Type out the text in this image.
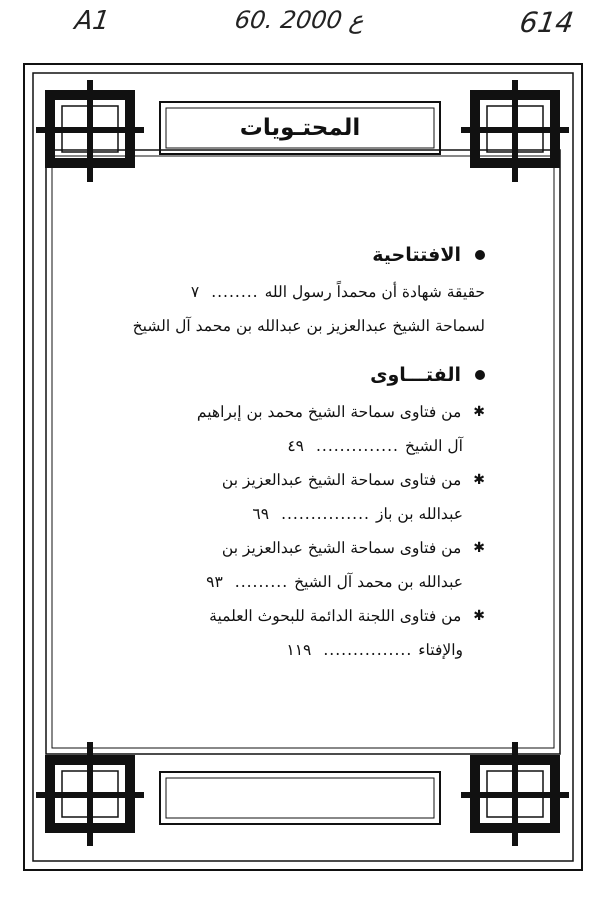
A1	60. ع 2000	614
المحتـويات
الافتتاحية
حقيقة شهادة أن محمداً رسول الله
........
٧
لسماحة الشيخ عبدالعزيز بن عبدالله بن محمد آل الشيخ
الفتـــاوى
✱
من فتاوى سماحة الشيخ محمد بن إبراهيم
آل الشيخ
..............
٤٩
✱
من فتاوى سماحة الشيخ عبدالعزيز بن
عبدالله بن باز
...............
٦٩
✱
من فتاوى سماحة الشيخ عبدالعزيز بن
عبدالله بن محمد آل الشيخ
.........
٩٣
✱
من فتاوى اللجنة الدائمة للبحوث العلمية
والإفتاء
...............
١١٩
